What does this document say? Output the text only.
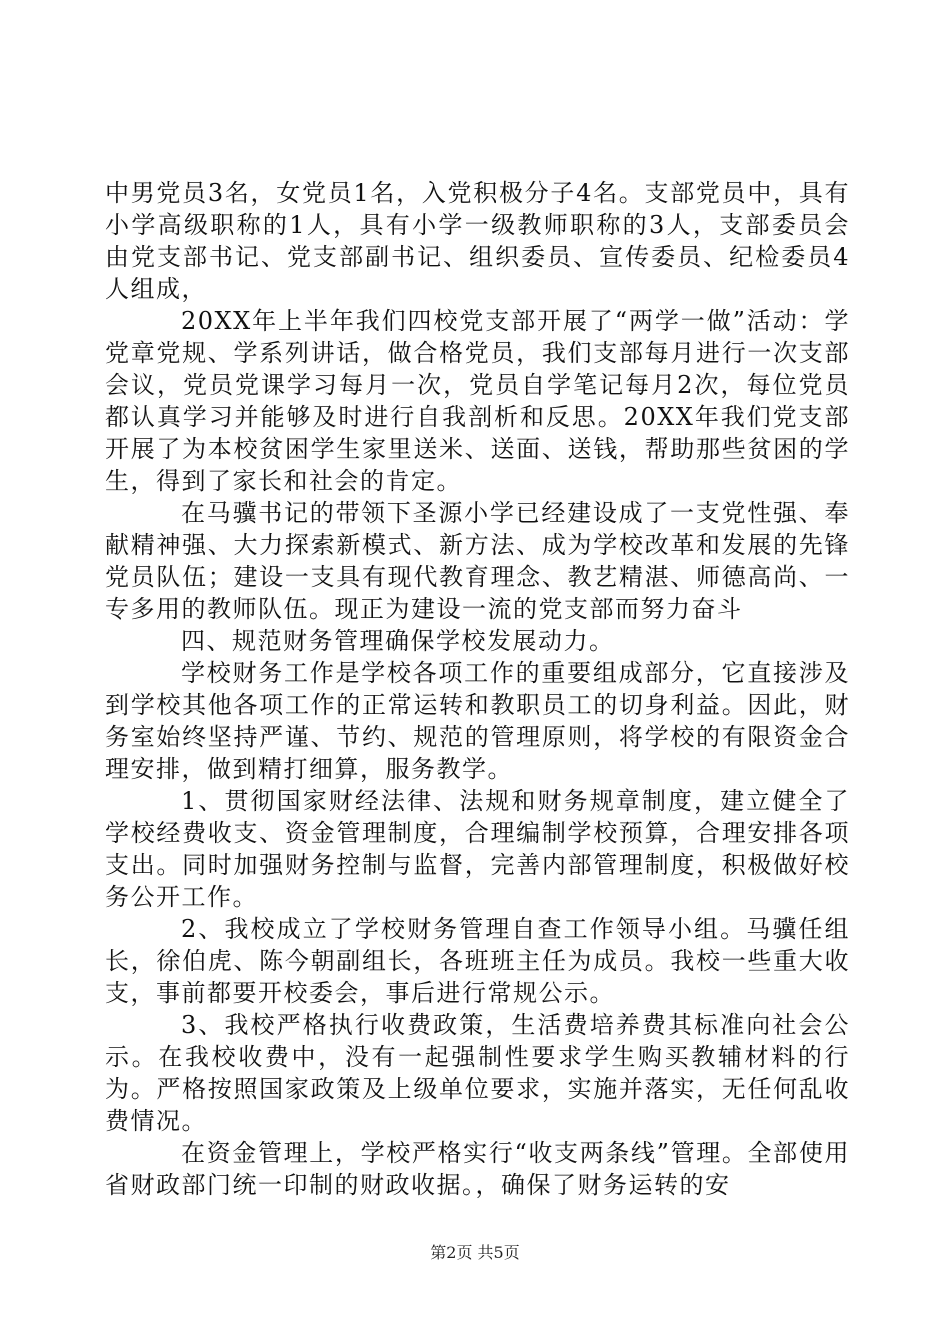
中男党员3名，女党员1名，入党积极分子4名。支部党员中，具有小学高级职称的1人，具有小学一级教师职称的3人，支部委员会由党支部书记、党支部副书记、组织委员、宣传委员、纪检委员4人组成，

20XX年上半年我们四校党支部开展了“两学一做”活动：学党章党规、学系列讲话，做合格党员，我们支部每月进行一次支部会议，党员党课学习每月一次，党员自学笔记每月2次，每位党员都认真学习并能够及时进行自我剖析和反思。20XX年我们党支部开展了为本校贫困学生家里送米、送面、送钱，帮助那些贫困的学生，得到了家长和社会的肯定。

在马骥书记的带领下圣源小学已经建设成了一支党性强、奉献精神强、大力探索新模式、新方法、成为学校改革和发展的先锋党员队伍；建设一支具有现代教育理念、教艺精湛、师德高尚、一专多用的教师队伍。现正为建设一流的党支部而努力奋斗

四、规范财务管理确保学校发展动力。

学校财务工作是学校各项工作的重要组成部分，它直接涉及到学校其他各项工作的正常运转和教职员工的切身利益。因此，财务室始终坚持严谨、节约、规范的管理原则，将学校的有限资金合理安排，做到精打细算，服务教学。

1、贯彻国家财经法律、法规和财务规章制度，建立健全了学校经费收支、资金管理制度，合理编制学校预算，合理安排各项支出。同时加强财务控制与监督，完善内部管理制度，积极做好校务公开工作。

2、我校成立了学校财务管理自查工作领导小组。马骥任组长，徐伯虎、陈今朝副组长，各班班主任为成员。我校一些重大收支，事前都要开校委会，事后进行常规公示。

3、我校严格执行收费政策，生活费培养费其标准向社会公示。在我校收费中，没有一起强制性要求学生购买教辅材料的行为。严格按照国家政策及上级单位要求，实施并落实，无任何乱收费情况。

在资金管理上，学校严格实行“收支两条线”管理。全部使用省财政部门统一印制的财政收据。，确保了财务运转的安

第2页 共5页
